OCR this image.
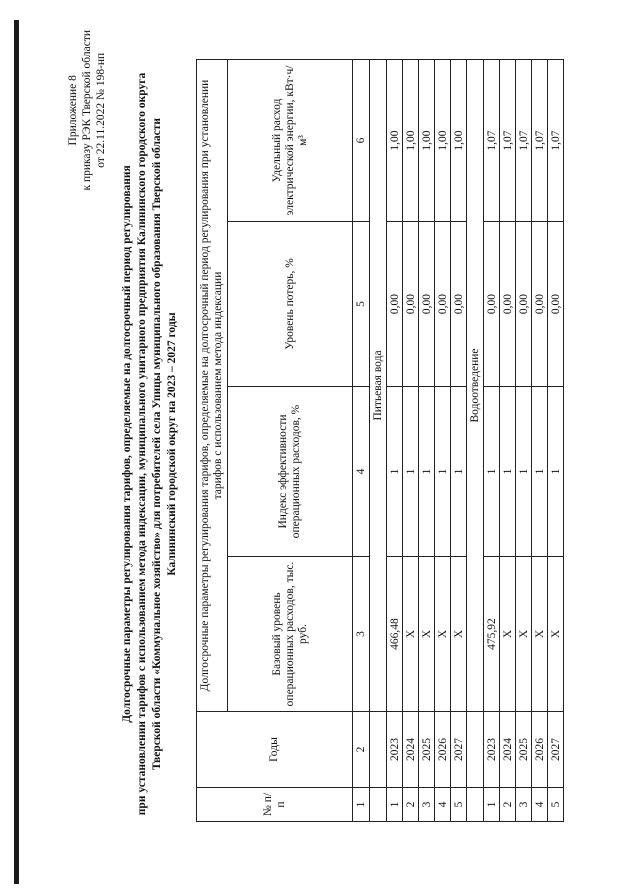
Приложение 8 к приказу РЭК Тверской области от 22.11.2022 № 198-нп
Долгосрочные параметры регулирования тарифов, определяемые на долгосрочный период регулирования при установлении тарифов с использованием метода индексации, муниципального унитарного предприятия Калининского городского округа Тверской области «Коммунальное хозяйство» для потребителей села Упицы муниципального образования Тверской области Калининский городской округ на 2023 – 2027 годы
№ п/п	Годы	Долгосрочные параметры регулирования тарифов, определяемые на долгосрочный период регулирования при установлении тарифов с использованием метода индексации			
		Базовый уровень операционных расходов, тыс. руб.	Индекс эффективности операционных расходов, %	Уровень потерь, %	Удельный расход электрической энергии, кВт·ч/м³
1	2	3	4	5	6
		Питьевая вода			
1	2023	466,48	1	0,00	1,00
2	2024	X	1	0,00	1,00
3	2025	X	1	0,00	1,00
4	2026	X	1	0,00	1,00
5	2027	X	1	0,00	1,00
		Водоотведение			
1	2023	475,92	1	0,00	1,07
2	2024	X	1	0,00	1,07
3	2025	X	1	0,00	1,07
4	2026	X	1	0,00	1,07
5	2027	X	1	0,00	1,07
